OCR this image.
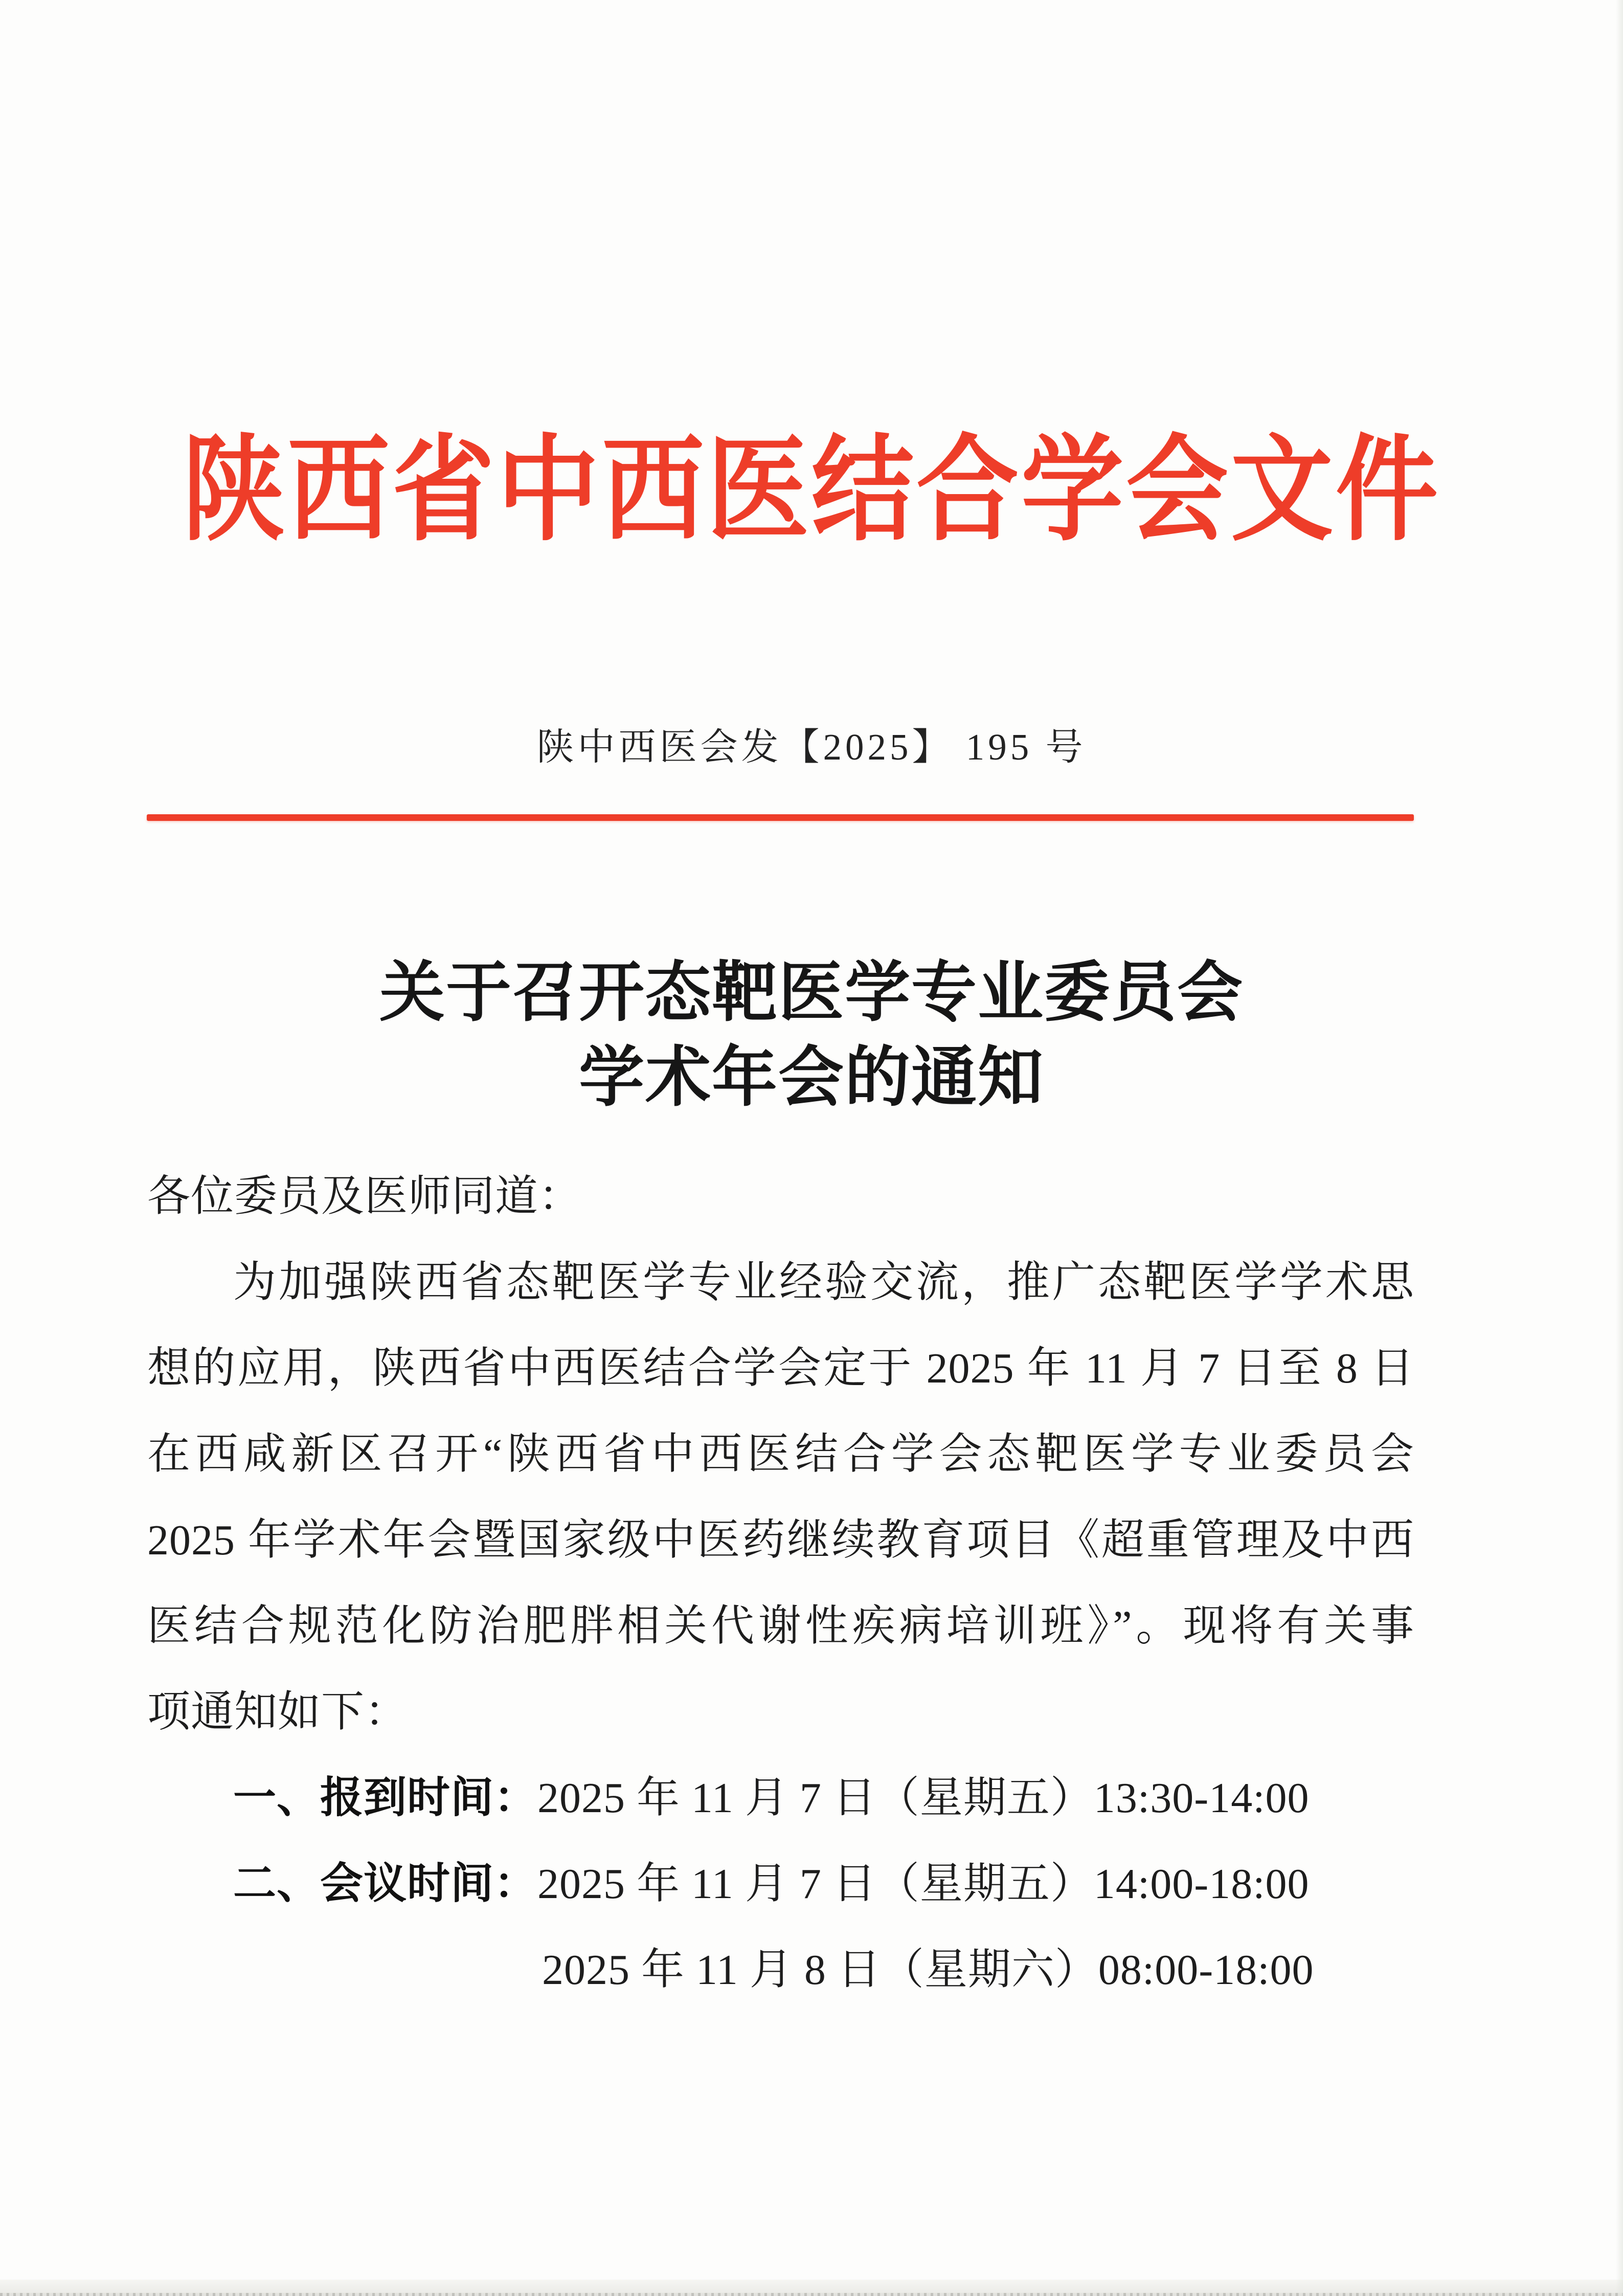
陕西省中西医结合学会文件
陕中西医会发【2025】 195 号
关于召开态靶医学专业委员会
学术年会的通知
各位委员及医师同道：
为加强陕西省态靶医学专业经验交流，推广态靶医学学术思
想的应用，陕西省中西医结合学会定于 2025 年 11 月 7 日至 8 日
在西咸新区召开“陕西省中西医结合学会态靶医学专业委员会
2025 年学术年会暨国家级中医药继续教育项目《超重管理及中西
医结合规范化防治肥胖相关代谢性疾病培训班》”。现将有关事
项通知如下：
一、报到时间：2025 年 11 月 7 日（星期五）13:30-14:00
二、会议时间：2025 年 11 月 7 日（星期五）14:00-18:00
2025 年 11 月 8 日（星期六）08:00-18:00
